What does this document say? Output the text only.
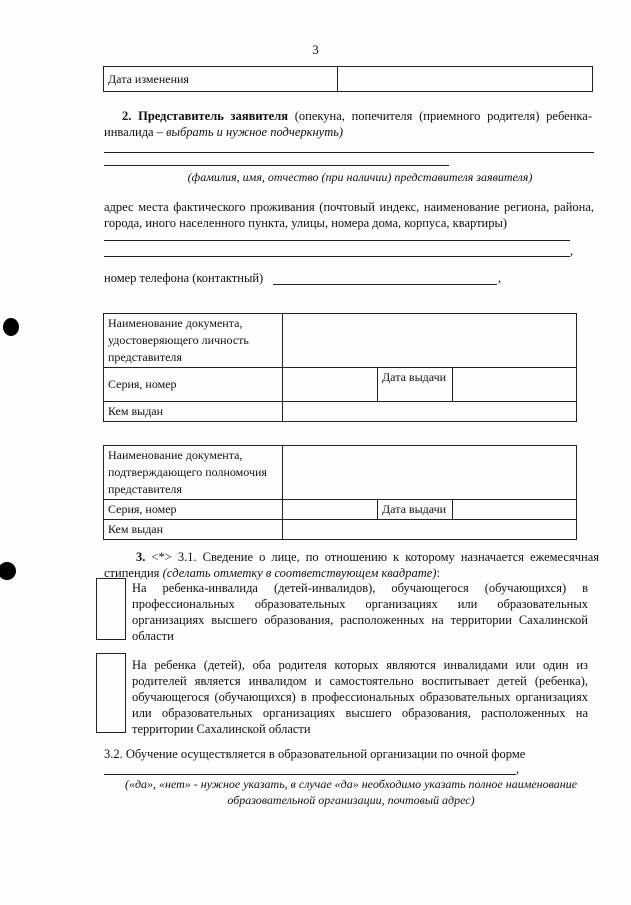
3
Дата изменения	
2. Представитель заявителя (опекуна, попечителя (приемного родителя) ребенка-инвалида – выбрать и нужное подчеркнуть)
(фамилия, имя, отчество (при наличии) представителя заявителя)
адрес места фактического проживания (почтовый индекс, наименование региона, района, города, иного населенного пункта, улицы, номера дома, корпуса, квартиры)
,
номер телефона (контактный)	,
Наименование документа, удостоверяющего личность представителя			
Серия, номер		Дата выдачи	
Кем выдан			
Наименование документа, подтверждающего полномочия представителя			
Серия, номер		Дата выдачи	
Кем выдан			
3. <*> 3.1. Сведение о лице, по отношению к которому назначается ежемесячная стипендия (сделать отметку в соответствующем квадрате):
На ребенка-инвалида (детей-инвалидов), обучающегося (обучающихся) в профессиональных образовательных организациях или образовательных организациях высшего образования, расположенных на территории Сахалинской области
На ребенка (детей), оба родителя которых являются инвалидами или один из родителей является инвалидом и самостоятельно воспитывает детей (ребенка), обучающегося (обучающихся) в профессиональных образовательных организациях или образовательных организациях высшего образования, расположенных на территории Сахалинской области
3.2. Обучение осуществляется в образовательной организации по очной форме
,
(«да», «нет» - нужное указать, в случае «да» необходимо указать полное наименование образовательной организации, почтовый адрес)
